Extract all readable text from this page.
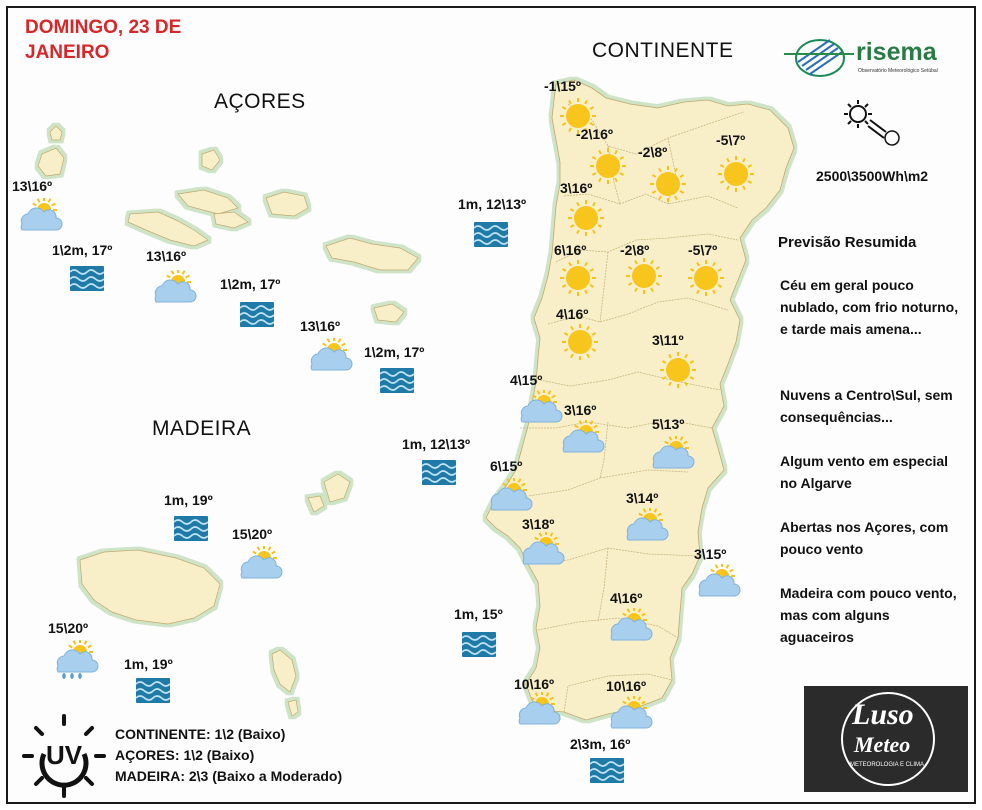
DOMINGO, 23 DE
JANEIRO
AÇORES
MADEIRA
CONTINENTE	risema
Observatório Meteorológico Setúbal
2500\3500Wh\m2
Previsão Resumida
Céu em geral pouco nublado, com frio noturno, e tarde mais amena...
Nuvens a Centro\Sul, sem consequências...
Algum vento em especial no Algarve
Abertas nos Açores, com pouco vento
Madeira com pouco vento, mas com alguns aguaceiros
UV
CONTINENTE: 1\2 (Baixo)
AÇORES: 1\2 (Baixo)
MADEIRA: 2\3 (Baixo a Moderado)
Luso
Meteo
METEOROLOGIA E CLIMA
-1\15º
-2\16º
-2\8º
-5\7º
3\16º
6\16º -2\8º	-5\7º
4\16º
3\11º
4\15º
3\16º
5\13º
6\15º
3\14º
3\18º
3\15º
4\16º
10\16º	10\16º
1m, 12\13º
1m, 12\13º
1m, 15º
2\3m, 16º
13\16º
13\16º
13\16º
1\2m, 17º
1\2m, 17º
1\2m, 17º
15\20º
15\20º
1m, 19º
1m, 19º
